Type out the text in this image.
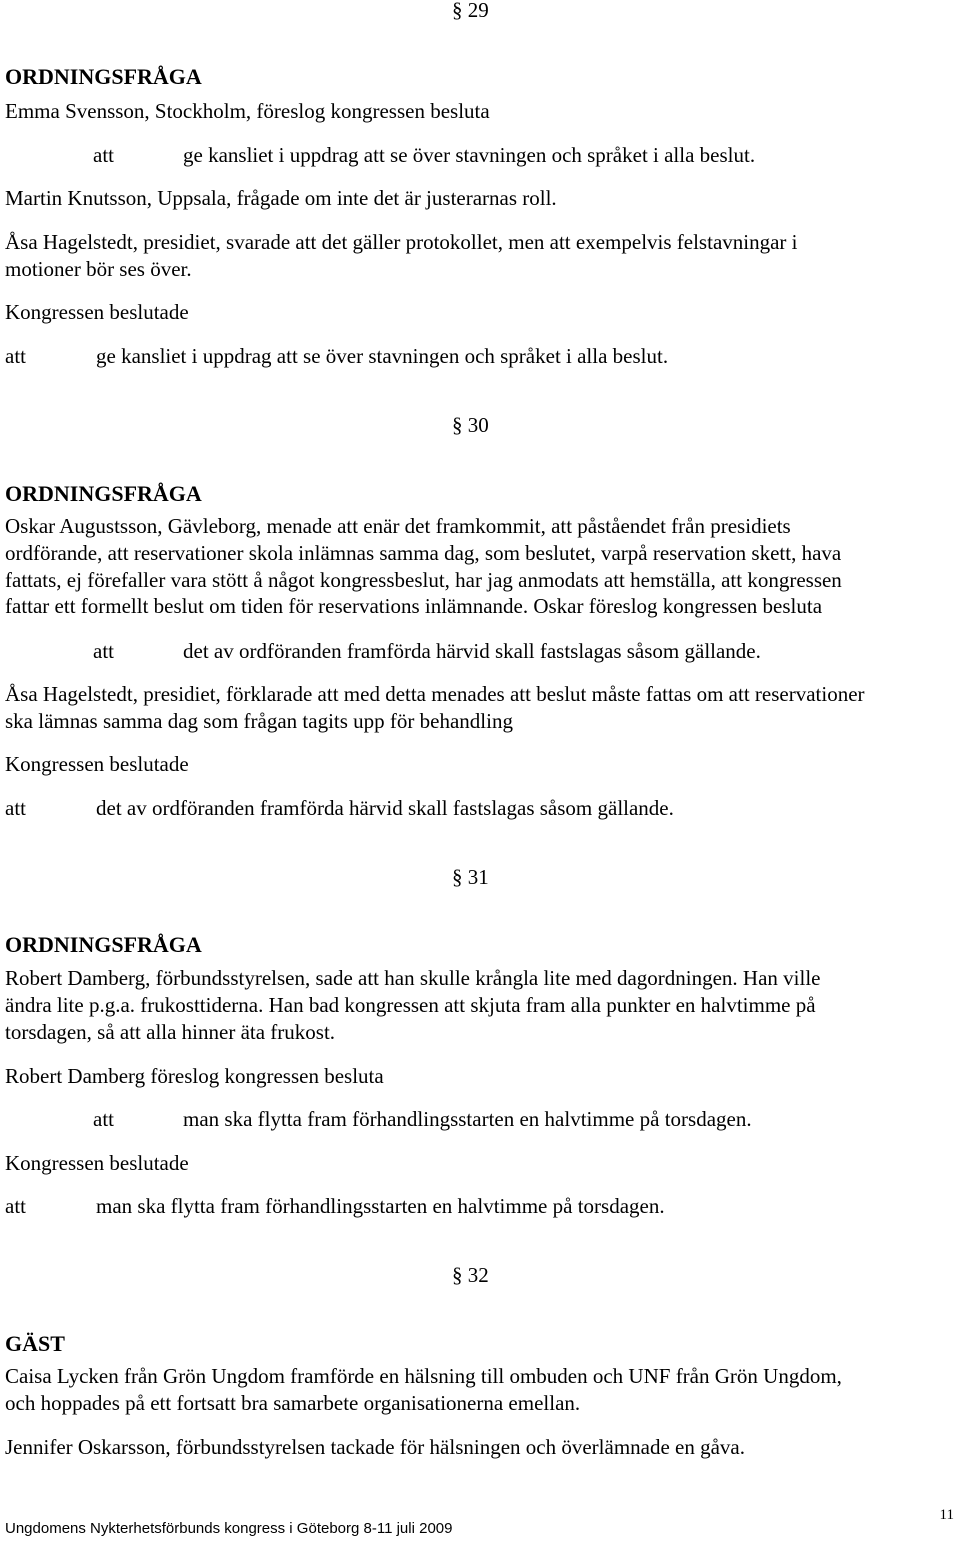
§ 29
ORDNINGSFRÅGA
Emma Svensson, Stockholm, föreslog kongressen besluta
att	ge kansliet i uppdrag att se över stavningen och språket i alla beslut.
Martin Knutsson, Uppsala, frågade om inte det är justerarnas roll.
Åsa Hagelstedt, presidiet, svarade att det gäller protokollet, men att exempelvis felstavningar i
motioner bör ses över.
Kongressen beslutade
att	ge kansliet i uppdrag att se över stavningen och språket i alla beslut.
§ 30
ORDNINGSFRÅGA
Oskar Augustsson, Gävleborg, menade att enär det framkommit, att påståendet från presidiets
ordförande, att reservationer skola inlämnas samma dag, som beslutet, varpå reservation skett, hava
fattats, ej förefaller vara stött å något kongressbeslut, har jag anmodats att hemställa, att kongressen
fattar ett formellt beslut om tiden för reservations inlämnande. Oskar föreslog kongressen besluta
att	det av ordföranden framförda härvid skall fastslagas såsom gällande.
Åsa Hagelstedt, presidiet, förklarade att med detta menades att beslut måste fattas om att reservationer
ska lämnas samma dag som frågan tagits upp för behandling
Kongressen beslutade
att	det av ordföranden framförda härvid skall fastslagas såsom gällande.
§ 31
ORDNINGSFRÅGA
Robert Damberg, förbundsstyrelsen, sade att han skulle krångla lite med dagordningen. Han ville
ändra lite p.g.a. frukosttiderna. Han bad kongressen att skjuta fram alla punkter en halvtimme på
torsdagen, så att alla hinner äta frukost.
Robert Damberg föreslog kongressen besluta
att	man ska flytta fram förhandlingsstarten en halvtimme på torsdagen.
Kongressen beslutade
att	man ska flytta fram förhandlingsstarten en halvtimme på torsdagen.
§ 32
GÄST
Caisa Lycken från Grön Ungdom framförde en hälsning till ombuden och UNF från Grön Ungdom,
och hoppades på ett fortsatt bra samarbete organisationerna emellan.
Jennifer Oskarsson, förbundsstyrelsen tackade för hälsningen och överlämnade en gåva.
11
Ungdomens Nykterhetsförbunds kongress i Göteborg 8-11 juli 2009
